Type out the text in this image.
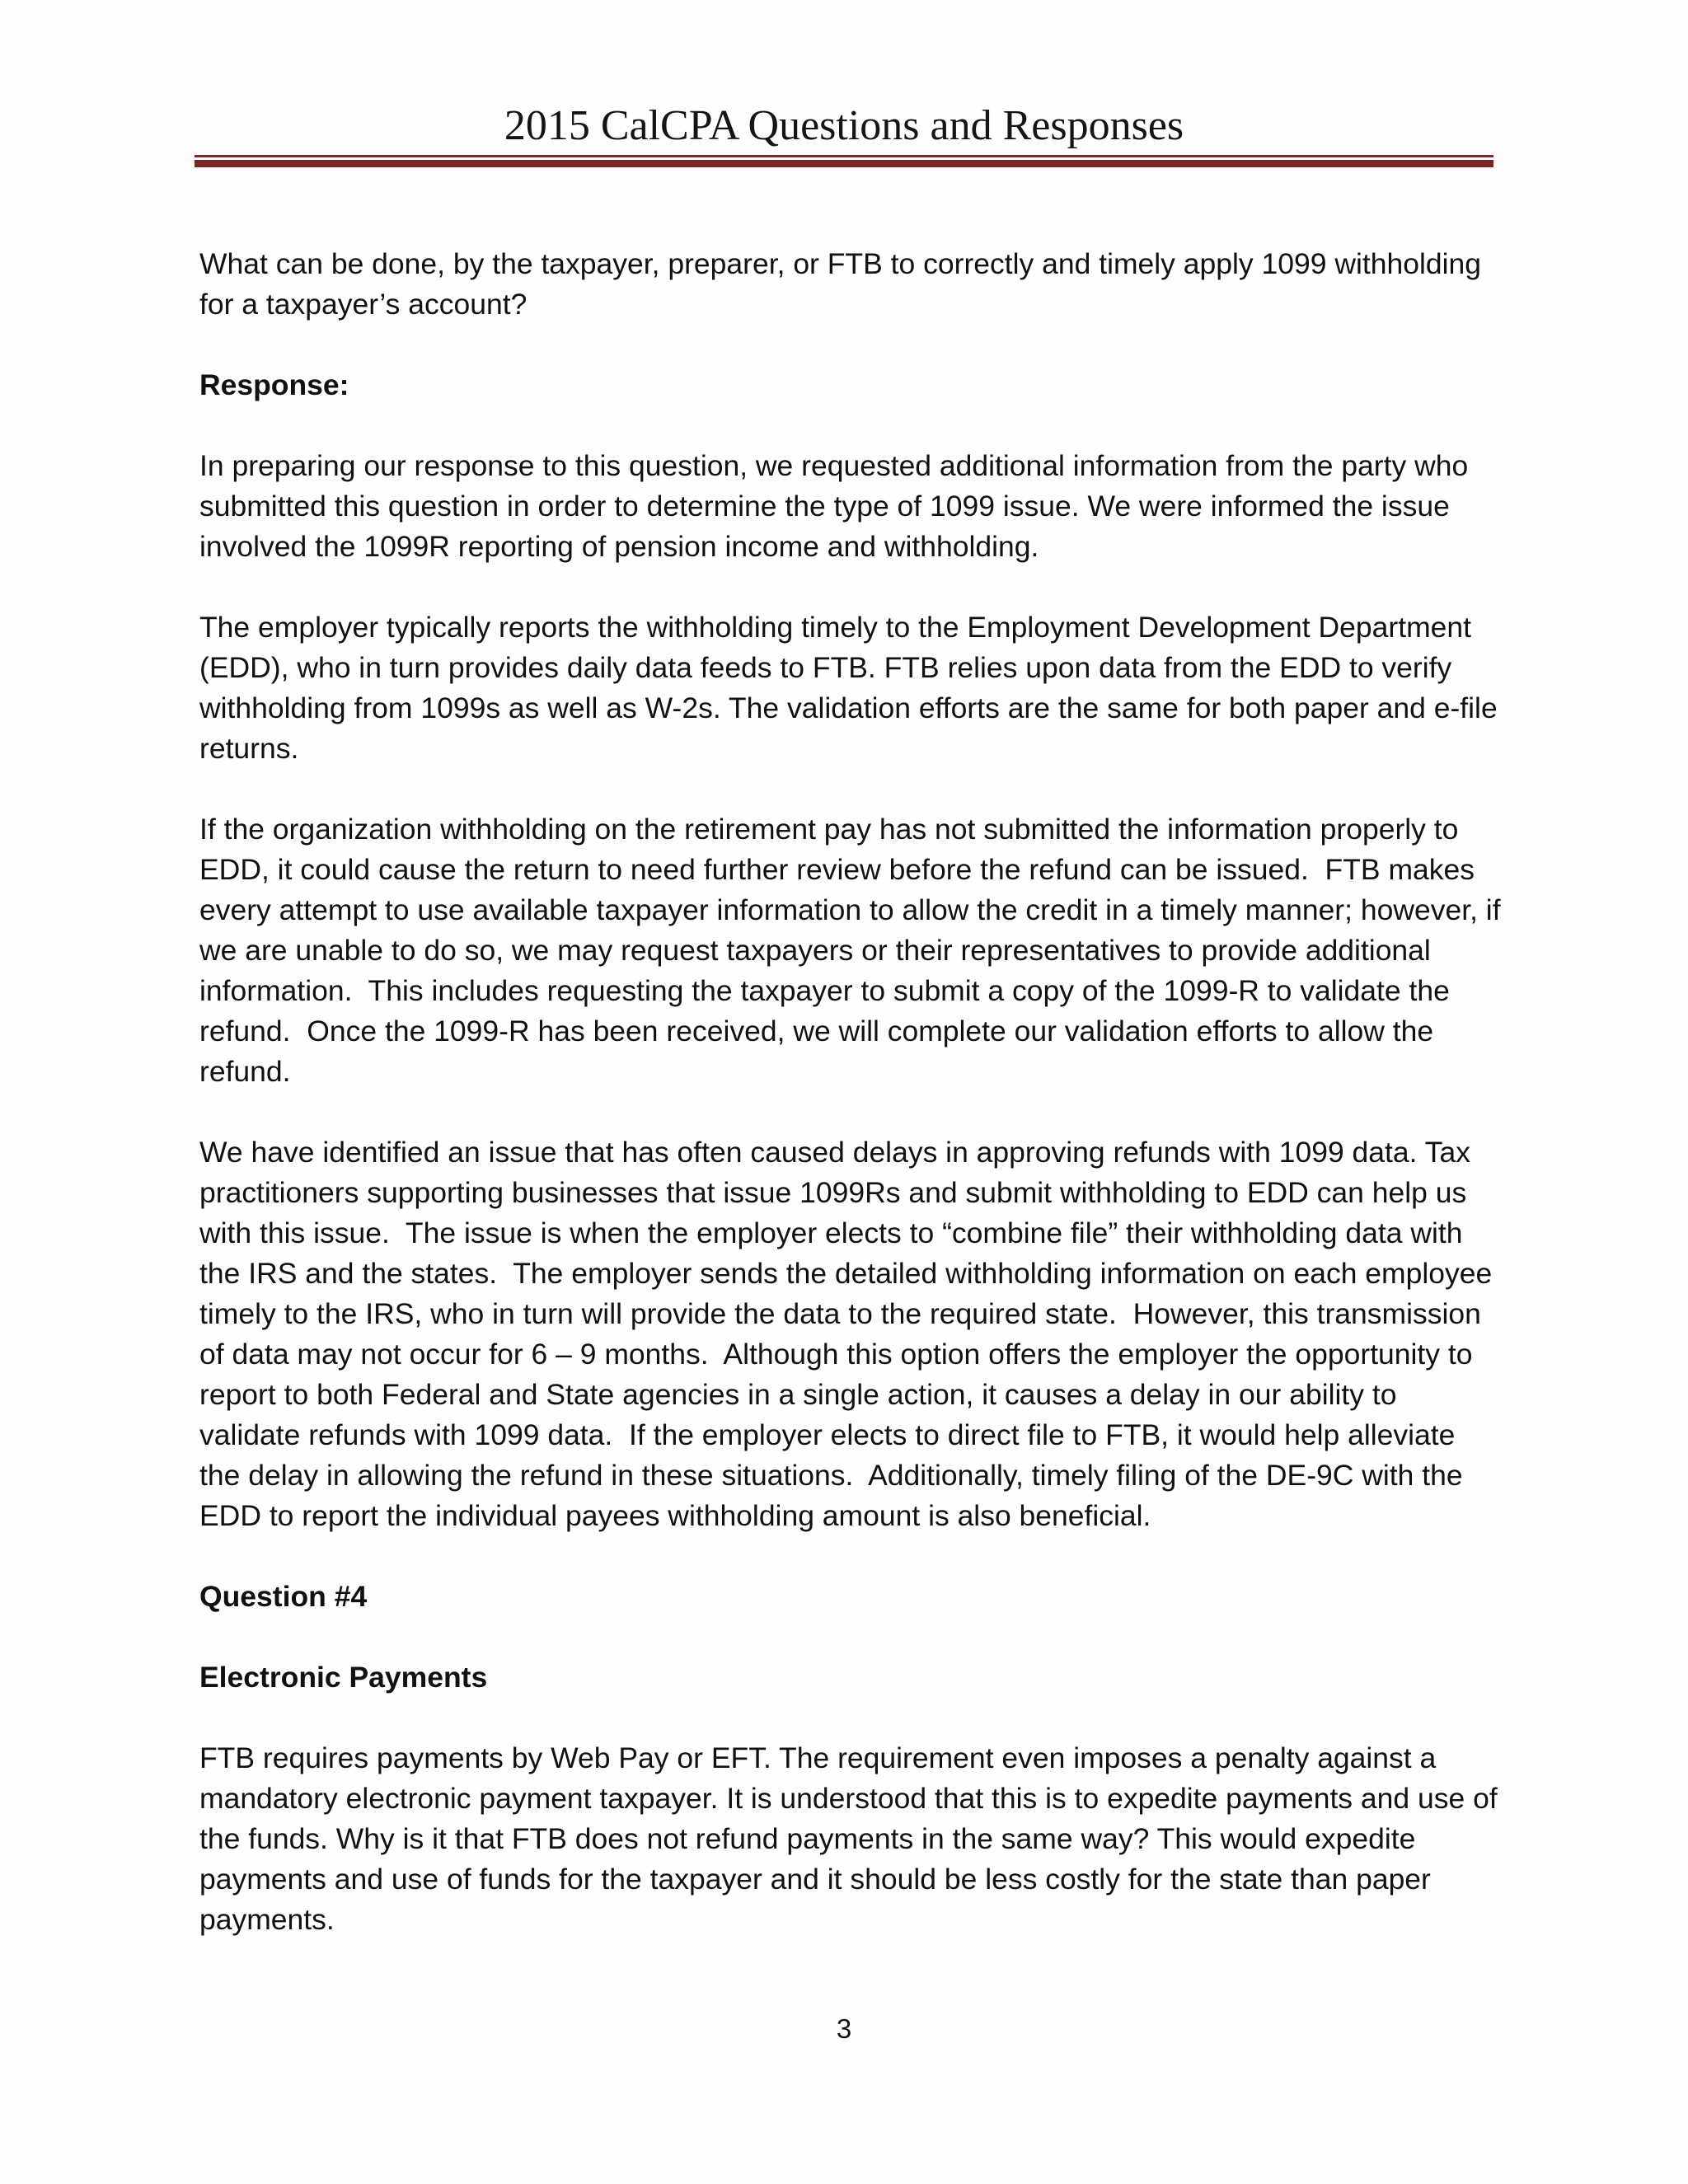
2015 CalCPA Questions and Responses

What can be done, by the taxpayer, preparer, or FTB to correctly and timely apply 1099 withholding for a taxpayer’s account?

Response:

In preparing our response to this question, we requested additional information from the party who submitted this question in order to determine the type of 1099 issue. We were informed the issue involved the 1099R reporting of pension income and withholding.

The employer typically reports the withholding timely to the Employment Development Department (EDD), who in turn provides daily data feeds to FTB. FTB relies upon data from the EDD to verify withholding from 1099s as well as W-2s. The validation efforts are the same for both paper and e-file returns.

If the organization withholding on the retirement pay has not submitted the information properly to EDD, it could cause the return to need further review before the refund can be issued.  FTB makes every attempt to use available taxpayer information to allow the credit in a timely manner; however, if we are unable to do so, we may request taxpayers or their representatives to provide additional information.  This includes requesting the taxpayer to submit a copy of the 1099-R to validate the refund.  Once the 1099-R has been received, we will complete our validation efforts to allow the refund.

We have identified an issue that has often caused delays in approving refunds with 1099 data. Tax practitioners supporting businesses that issue 1099Rs and submit withholding to EDD can help us with this issue.  The issue is when the employer elects to “combine file” their withholding data with the IRS and the states.  The employer sends the detailed withholding information on each employee timely to the IRS, who in turn will provide the data to the required state.  However, this transmission of data may not occur for 6 – 9 months.  Although this option offers the employer the opportunity to report to both Federal and State agencies in a single action, it causes a delay in our ability to validate refunds with 1099 data.  If the employer elects to direct file to FTB, it would help alleviate the delay in allowing the refund in these situations.  Additionally, timely filing of the DE-9C with the EDD to report the individual payees withholding amount is also beneficial.

Question #4

Electronic Payments

FTB requires payments by Web Pay or EFT. The requirement even imposes a penalty against a mandatory electronic payment taxpayer. It is understood that this is to expedite payments and use of the funds. Why is it that FTB does not refund payments in the same way? This would expedite payments and use of funds for the taxpayer and it should be less costly for the state than paper payments.

3
